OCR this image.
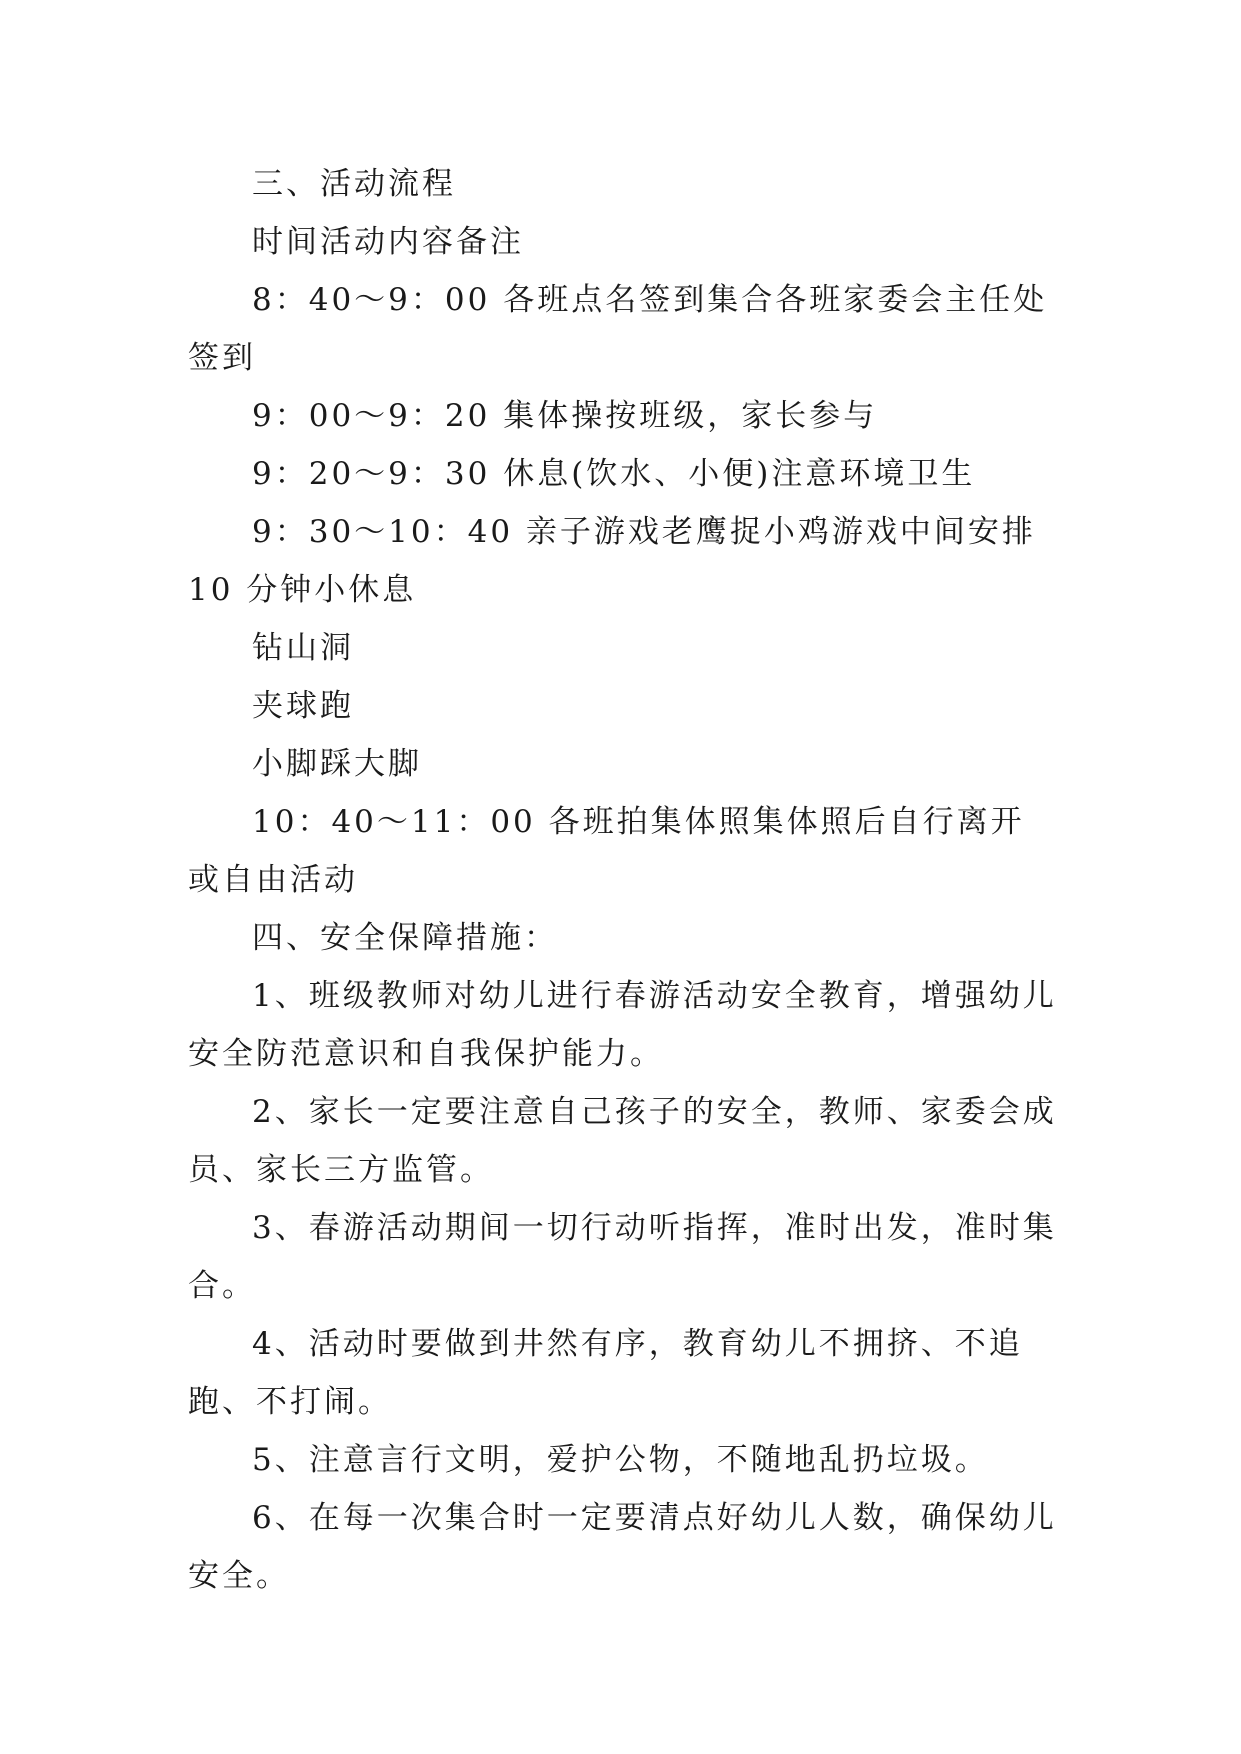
三、活动流程

时间活动内容备注

8：40～9：00 各班点名签到集合各班家委会主任处签到

9：00～9：20 集体操按班级，家长参与

9：20～9：30 休息(饮水、小便)注意环境卫生

9：30～10：40 亲子游戏老鹰捉小鸡游戏中间安排 10 分钟小休息

钻山洞

夹球跑

小脚踩大脚

10：40～11：00 各班拍集体照集体照后自行离开或自由活动

四、安全保障措施：

1、班级教师对幼儿进行春游活动安全教育，增强幼儿安全防范意识和自我保护能力。

2、家长一定要注意自己孩子的安全，教师、家委会成员、家长三方监管。

3、春游活动期间一切行动听指挥，准时出发，准时集合。

4、活动时要做到井然有序，教育幼儿不拥挤、不追跑、不打闹。

5、注意言行文明，爱护公物，不随地乱扔垃圾。

6、在每一次集合时一定要清点好幼儿人数，确保幼儿安全。
